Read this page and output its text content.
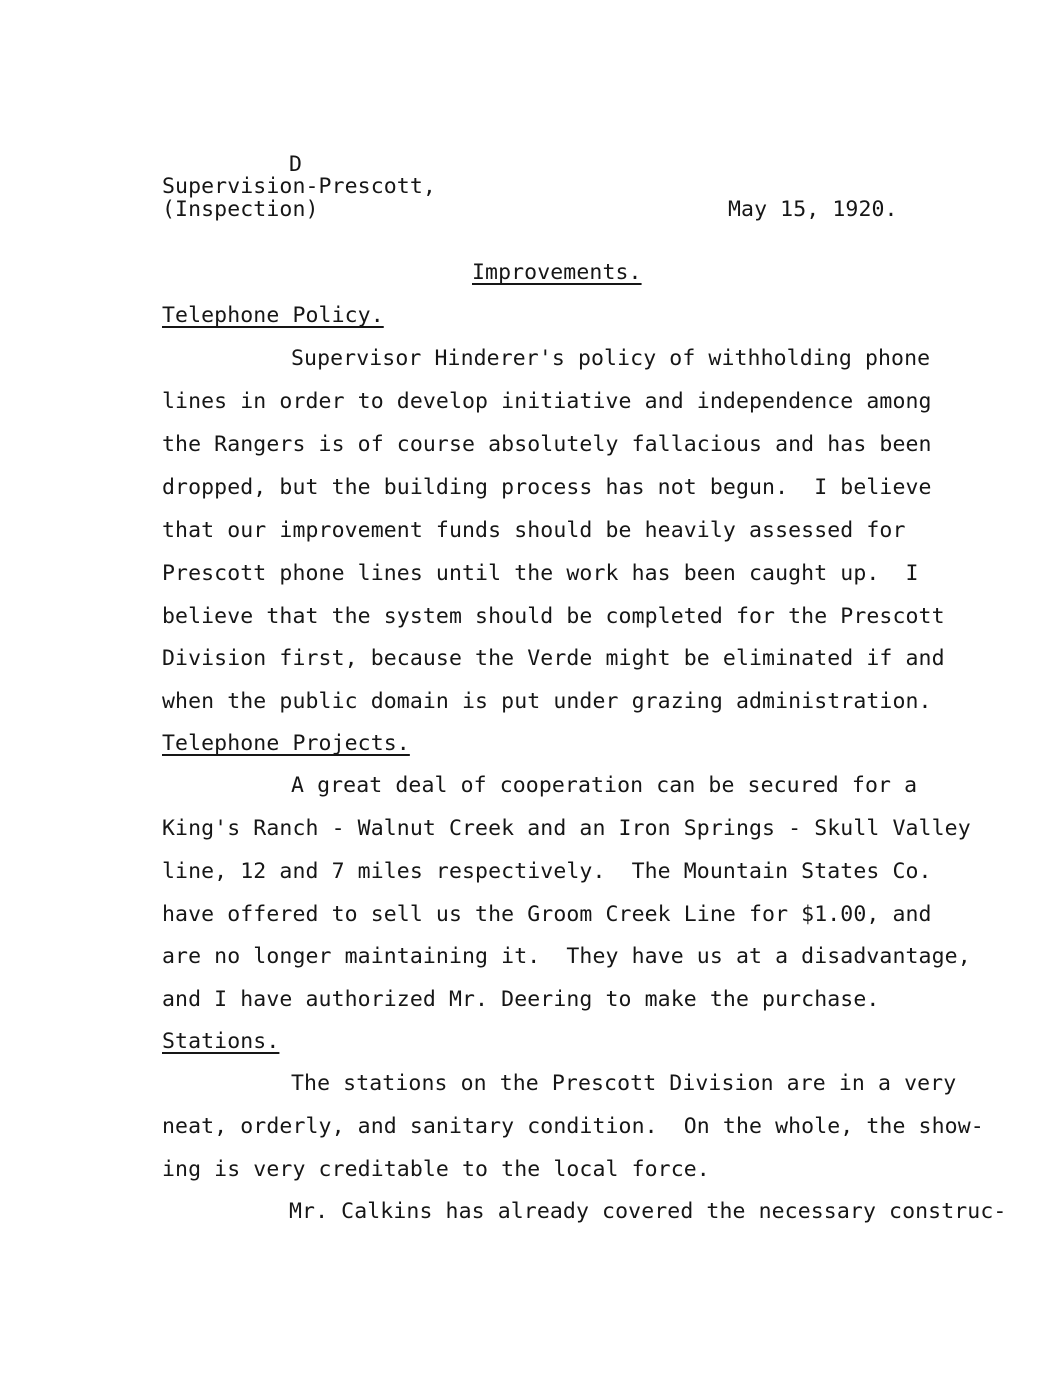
D
Supervision-Prescott,
(Inspection)	May 15, 1920.
Improvements.
Telephone Policy.
Supervisor Hinderer's policy of withholding phone
lines in order to develop initiative and independence among
the Rangers is of course absolutely fallacious and has been
dropped, but the building process has not begun.  I believe
that our improvement funds should be heavily assessed for
Prescott phone lines until the work has been caught up.  I
believe that the system should be completed for the Prescott
Division first, because the Verde might be eliminated if and
when the public domain is put under grazing administration.
Telephone Projects.
A great deal of cooperation can be secured for a
King's Ranch - Walnut Creek and an Iron Springs - Skull Valley
line, 12 and 7 miles respectively.  The Mountain States Co.
have offered to sell us the Groom Creek Line for $1.00, and
are no longer maintaining it.  They have us at a disadvantage,
and I have authorized Mr. Deering to make the purchase.
Stations.
The stations on the Prescott Division are in a very
neat, orderly, and sanitary condition.  On the whole, the show-
ing is very creditable to the local force.
Mr. Calkins has already covered the necessary construc-
